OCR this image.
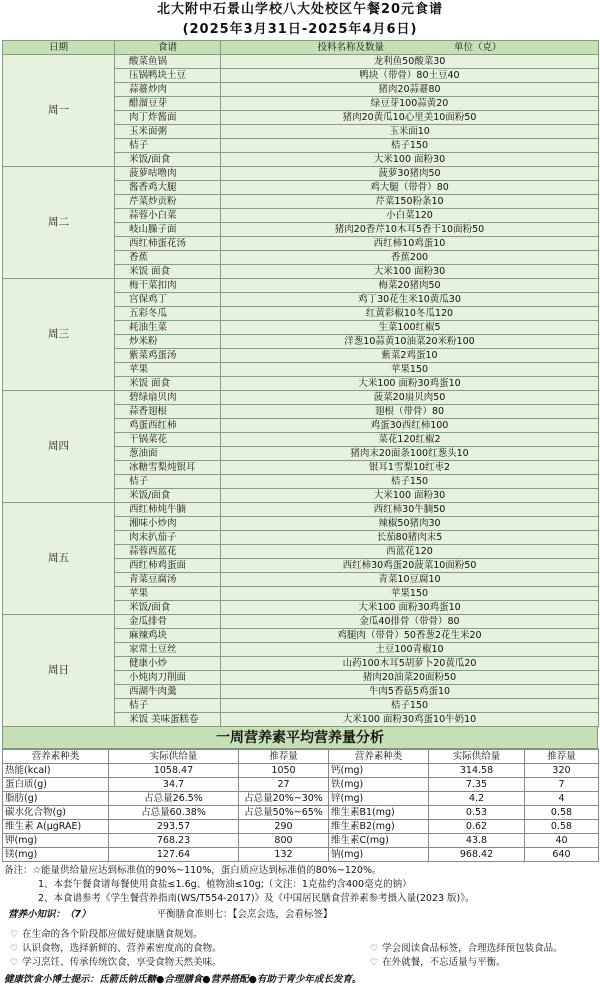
北大附中石景山学校八大处校区午餐20元食谱
(2025年3月31日-2025年4月6日)
日期	食谱	投料名称及数量 单位（克）
周一	酸菜鱼锅	龙利鱼50酸菜30
	压锅鸭块土豆	鸭块（带骨）80土豆40
	蒜薹炒肉	猪肉20蒜薹80
	醋溜豆芽	绿豆芽100蒜黄20
	肉丁炸酱面	猪肉20黄瓜10心里美10面粉50
	玉米面粥	玉米面10
	桔子	桔子150
	米饭/面食	大米100 面粉30
周二	菠萝咕噜肉	菠萝30猪肉50
	酱香鸡大腿	鸡大腿（带骨）80
	芹菜炒贡粉	芹菜150粉条10
	蒜蓉小白菜	小白菜120
	岐山臊子面	猪肉20香芹10木耳5香干10面粉50
	西红柿蛋花汤	西红柿10鸡蛋10
	香蕉	香蕉200
	米饭 面食	大米100 面粉30
周三	梅干菜扣肉	梅菜20猪肉50
	宫保鸡丁	鸡丁30花生米10黄瓜30
	五彩冬瓜	红黄彩椒10冬瓜120
	耗油生菜	生菜100红椒5
	炒米粉	洋葱10蒜黄10油菜20米粉100
	紫菜鸡蛋汤	紫菜2鸡蛋10
	苹果	苹果150
	米饭 面食	大米100 面粉30鸡蛋10
周四	碧绿扇贝肉	菠菜20扇贝肉50
	蒜香翅根	翅根（带骨）80
	鸡蛋西红柿	鸡蛋30西红柿100
	干锅菜花	菜花120红椒2
	葱油面	猪肉末20面条100红葱头10
	冰糖雪梨炖银耳	银耳1雪梨10红枣2
	桔子	桔子150
	米饭/面食	大米100 面粉30
周五	西红柿炖牛腩	西红柿30牛腩50
	湘味小炒肉	辣椒50猪肉30
	肉末扒茄子	长茄80猪肉末5
	蒜蓉西蓝花	西蓝花120
	西红柿鸡蛋面	西红柿30鸡蛋20菠菜10面粉50
	青菜豆腐汤	青菜10豆腐10
	苹果	苹果150
	米饭/面食	大米100 面粉30鸡蛋10
周日	金瓜排骨	金瓜40排骨（带骨）80
	麻辣鸡块	鸡腿肉（带骨）50香葱2花生米20
	家常土豆丝	土豆100青椒10
	健康小炒	山药100木耳5胡萝卜20黄瓜20
	小炖肉刀削面	猪肉20油菜20面粉50
	西湖牛肉羹	牛肉5香菇5鸡蛋10
	桔子	桔子150
	米饭 美味蛋糕卷	大米100 面粉30鸡蛋10牛奶10
一周营养素平均营养量分析
营养素种类	实际供给量	推荐量	营养素种类	实际供给量	推荐量
热能(kcal)	1058.47	1050	钙(mg)	314.58	320
蛋白质(g)	34.7	27	铁(mg)	7.35	7
脂肪(g)	占总量26.5%	占总量20%~30%	锌(mg)	4.2	4
碳水化合物(g)	占总量60.38%	占总量50%~65%	维生素B1(mg)	0.53	0.58
维生素 A(μgRAE)	293.57	290	维生素B2(mg)	0.62	0.58
钾(mg)	768.23	800	维生素C(mg)	43.8	40
镁(mg)	127.64	132	钠(mg)	968.42	640
备注：☆能量供给量应达到标准值的90%~110%，蛋白质应达到标准值的80%~120%。
1、本套午餐食谱每餐使用食盐≤1.6g、植物油≤10g;（文注：1克盐约含400毫克的钠）
2、本食谱参考《学生餐营养指南(WS/T554-2017)》及《中国居民膳食营养素参考摄入量(2023 版)》。
营养小知识：（7）	平衡膳食准则七：【会烹会选，会看标签】
♡ 在生命的各个阶段都应做好健康膳食规划。
♡ 认识食物，选择新鲜的、营养素密度高的食物。	♡ 学会阅读食品标签，合理选择预包装食品。
♡ 学习烹饪、传承传统饮食，享受食物天然美味。	♡ 在外就餐，不忘适量与平衡。
健康饮食小博士提示：氐箭氐钠氐糖●合理膳食●营养搭配●有助于青少年成长发育。
